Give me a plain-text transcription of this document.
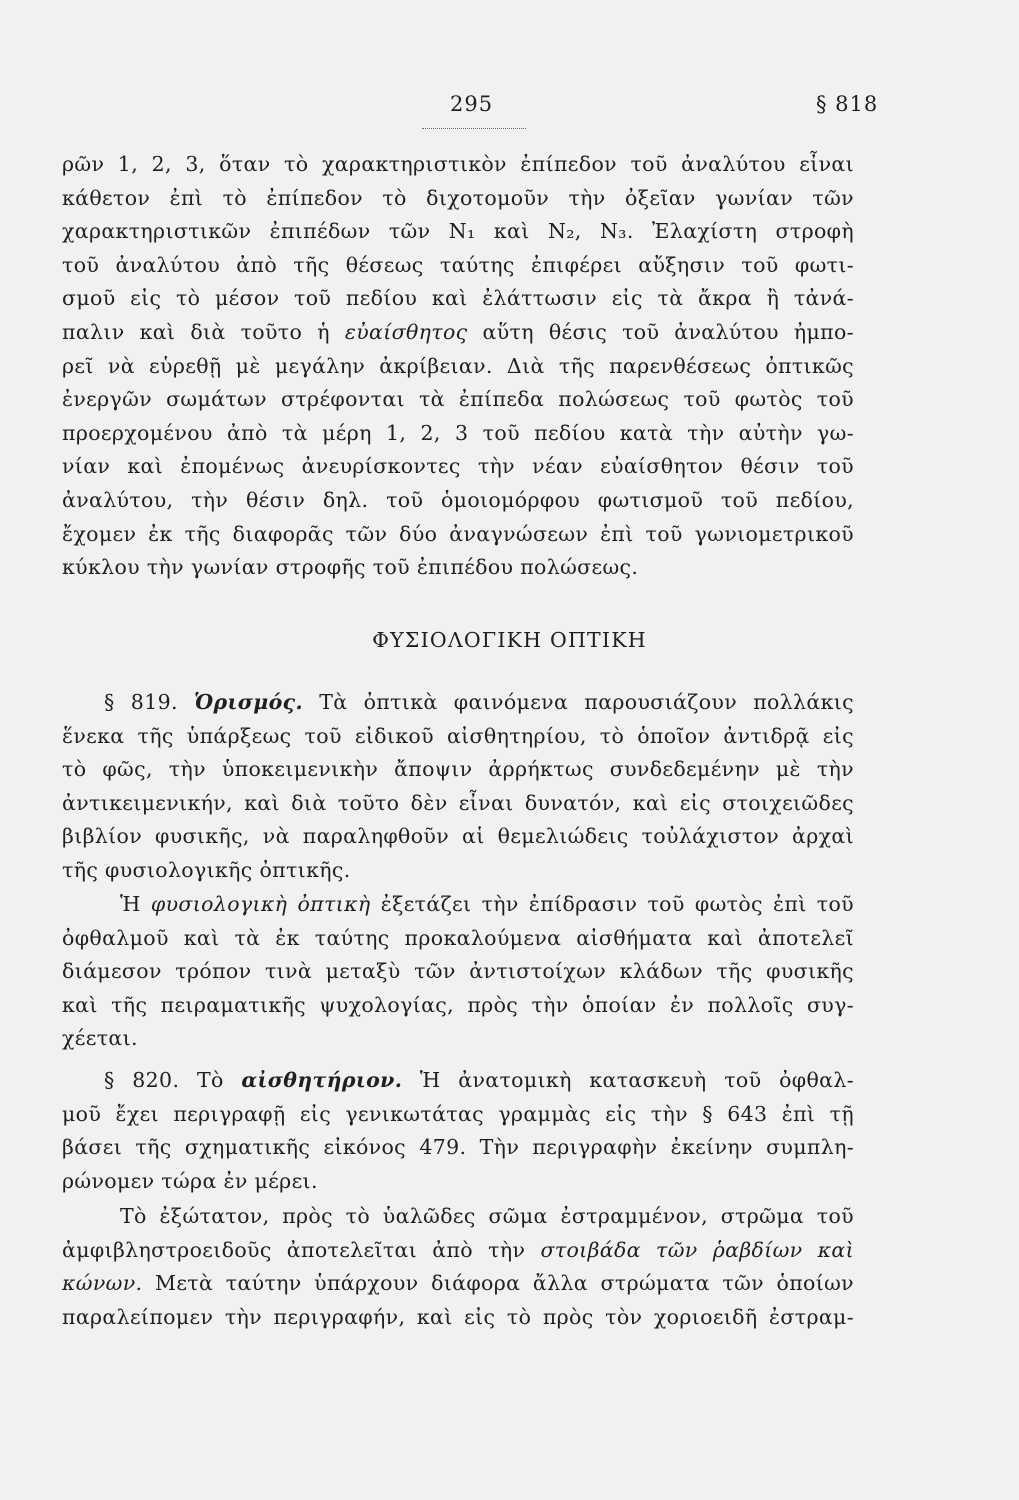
295	§ 818
ρῶν 1, 2, 3, ὅταν τὸ χαρακτηριστικὸν ἐπίπεδον τοῦ ἀναλύτου εἶναι
κάθετον ἐπὶ τὸ ἐπίπεδον τὸ διχοτομοῦν τὴν ὀξεῖαν γωνίαν τῶν
χαρακτηριστικῶν ἐπιπέδων τῶν N₁ καὶ N₂, N₃. Ἐλαχίστη στροφὴ
τοῦ ἀναλύτου ἀπὸ τῆς θέσεως ταύτης ἐπιφέρει αὔξησιν τοῦ φωτι-
σμοῦ εἰς τὸ μέσον τοῦ πεδίου καὶ ἐλάττωσιν εἰς τὰ ἄκρα ἢ τἀνά-
παλιν καὶ διὰ τοῦτο ἡ εὐαίσθητος αὕτη θέσις τοῦ ἀναλύτου ἠμπο-
ρεῖ νὰ εὑρεθῇ μὲ μεγάλην ἀκρίβειαν. Διὰ τῆς παρενθέσεως ὀπτικῶς
ἐνεργῶν σωμάτων στρέφονται τὰ ἐπίπεδα πολώσεως τοῦ φωτὸς τοῦ
προερχομένου ἀπὸ τὰ μέρη 1, 2, 3 τοῦ πεδίου κατὰ τὴν αὐτὴν γω-
νίαν καὶ ἐπομένως ἀνευρίσκοντες τὴν νέαν εὐαίσθητον θέσιν τοῦ
ἀναλύτου, τὴν θέσιν δηλ. τοῦ ὁμοιομόρφου φωτισμοῦ τοῦ πεδίου,
ἔχομεν ἐκ τῆς διαφορᾶς τῶν δύο ἀναγνώσεων ἐπὶ τοῦ γωνιομετρικοῦ
κύκλου τὴν γωνίαν στροφῆς τοῦ ἐπιπέδου πολώσεως.
ΦΥΣΙΟΛΟΓΙΚΗ ΟΠΤΙΚΗ
§ 819. Ὁρισμός. Τὰ ὀπτικὰ φαινόμενα παρουσιάζουν πολλάκις
ἕνεκα τῆς ὑπάρξεως τοῦ εἰδικοῦ αἰσθητηρίου, τὸ ὁποῖον ἀντιδρᾷ εἰς
τὸ φῶς, τὴν ὑποκειμενικὴν ἄποψιν ἀρρήκτως συνδεδεμένην μὲ τὴν
ἀντικειμενικήν, καὶ διὰ τοῦτο δὲν εἶναι δυνατόν, καὶ εἰς στοιχειῶδες
βιβλίον φυσικῆς, νὰ παραληφθοῦν αἱ θεμελιώδεις τοὐλάχιστον ἀρχαὶ
τῆς φυσιολογικῆς ὀπτικῆς.
Ἡ φυσιολογικὴ ὀπτικὴ ἐξετάζει τὴν ἐπίδρασιν τοῦ φωτὸς ἐπὶ τοῦ
ὀφθαλμοῦ καὶ τὰ ἐκ ταύτης προκαλούμενα αἰσθήματα καὶ ἀποτελεῖ
διάμεσον τρόπον τινὰ μεταξὺ τῶν ἀντιστοίχων κλάδων τῆς φυσικῆς
καὶ τῆς πειραματικῆς ψυχολογίας, πρὸς τὴν ὁποίαν ἐν πολλοῖς συγ-
χέεται.
§ 820. Τὸ αἰσθητήριον. Ἡ ἀνατομικὴ κατασκευὴ τοῦ ὀφθαλ-
μοῦ ἔχει περιγραφῇ εἰς γενικωτάτας γραμμὰς εἰς τὴν § 643 ἐπὶ τῇ
βάσει τῆς σχηματικῆς εἰκόνος 479. Τὴν περιγραφὴν ἐκείνην συμπλη-
ρώνομεν τώρα ἐν μέρει.
Τὸ ἐξώτατον, πρὸς τὸ ὑαλῶδες σῶμα ἐστραμμένον, στρῶμα τοῦ
ἀμφιβληστροειδοῦς ἀποτελεῖται ἀπὸ τὴν στοιβάδα τῶν ῥαβδίων καὶ
κώνων. Μετὰ ταύτην ὑπάρχουν διάφορα ἄλλα στρώματα τῶν ὁποίων
παραλείπομεν τὴν περιγραφήν, καὶ εἰς τὸ πρὸς τὸν χοριοειδῆ ἐστραμ-
